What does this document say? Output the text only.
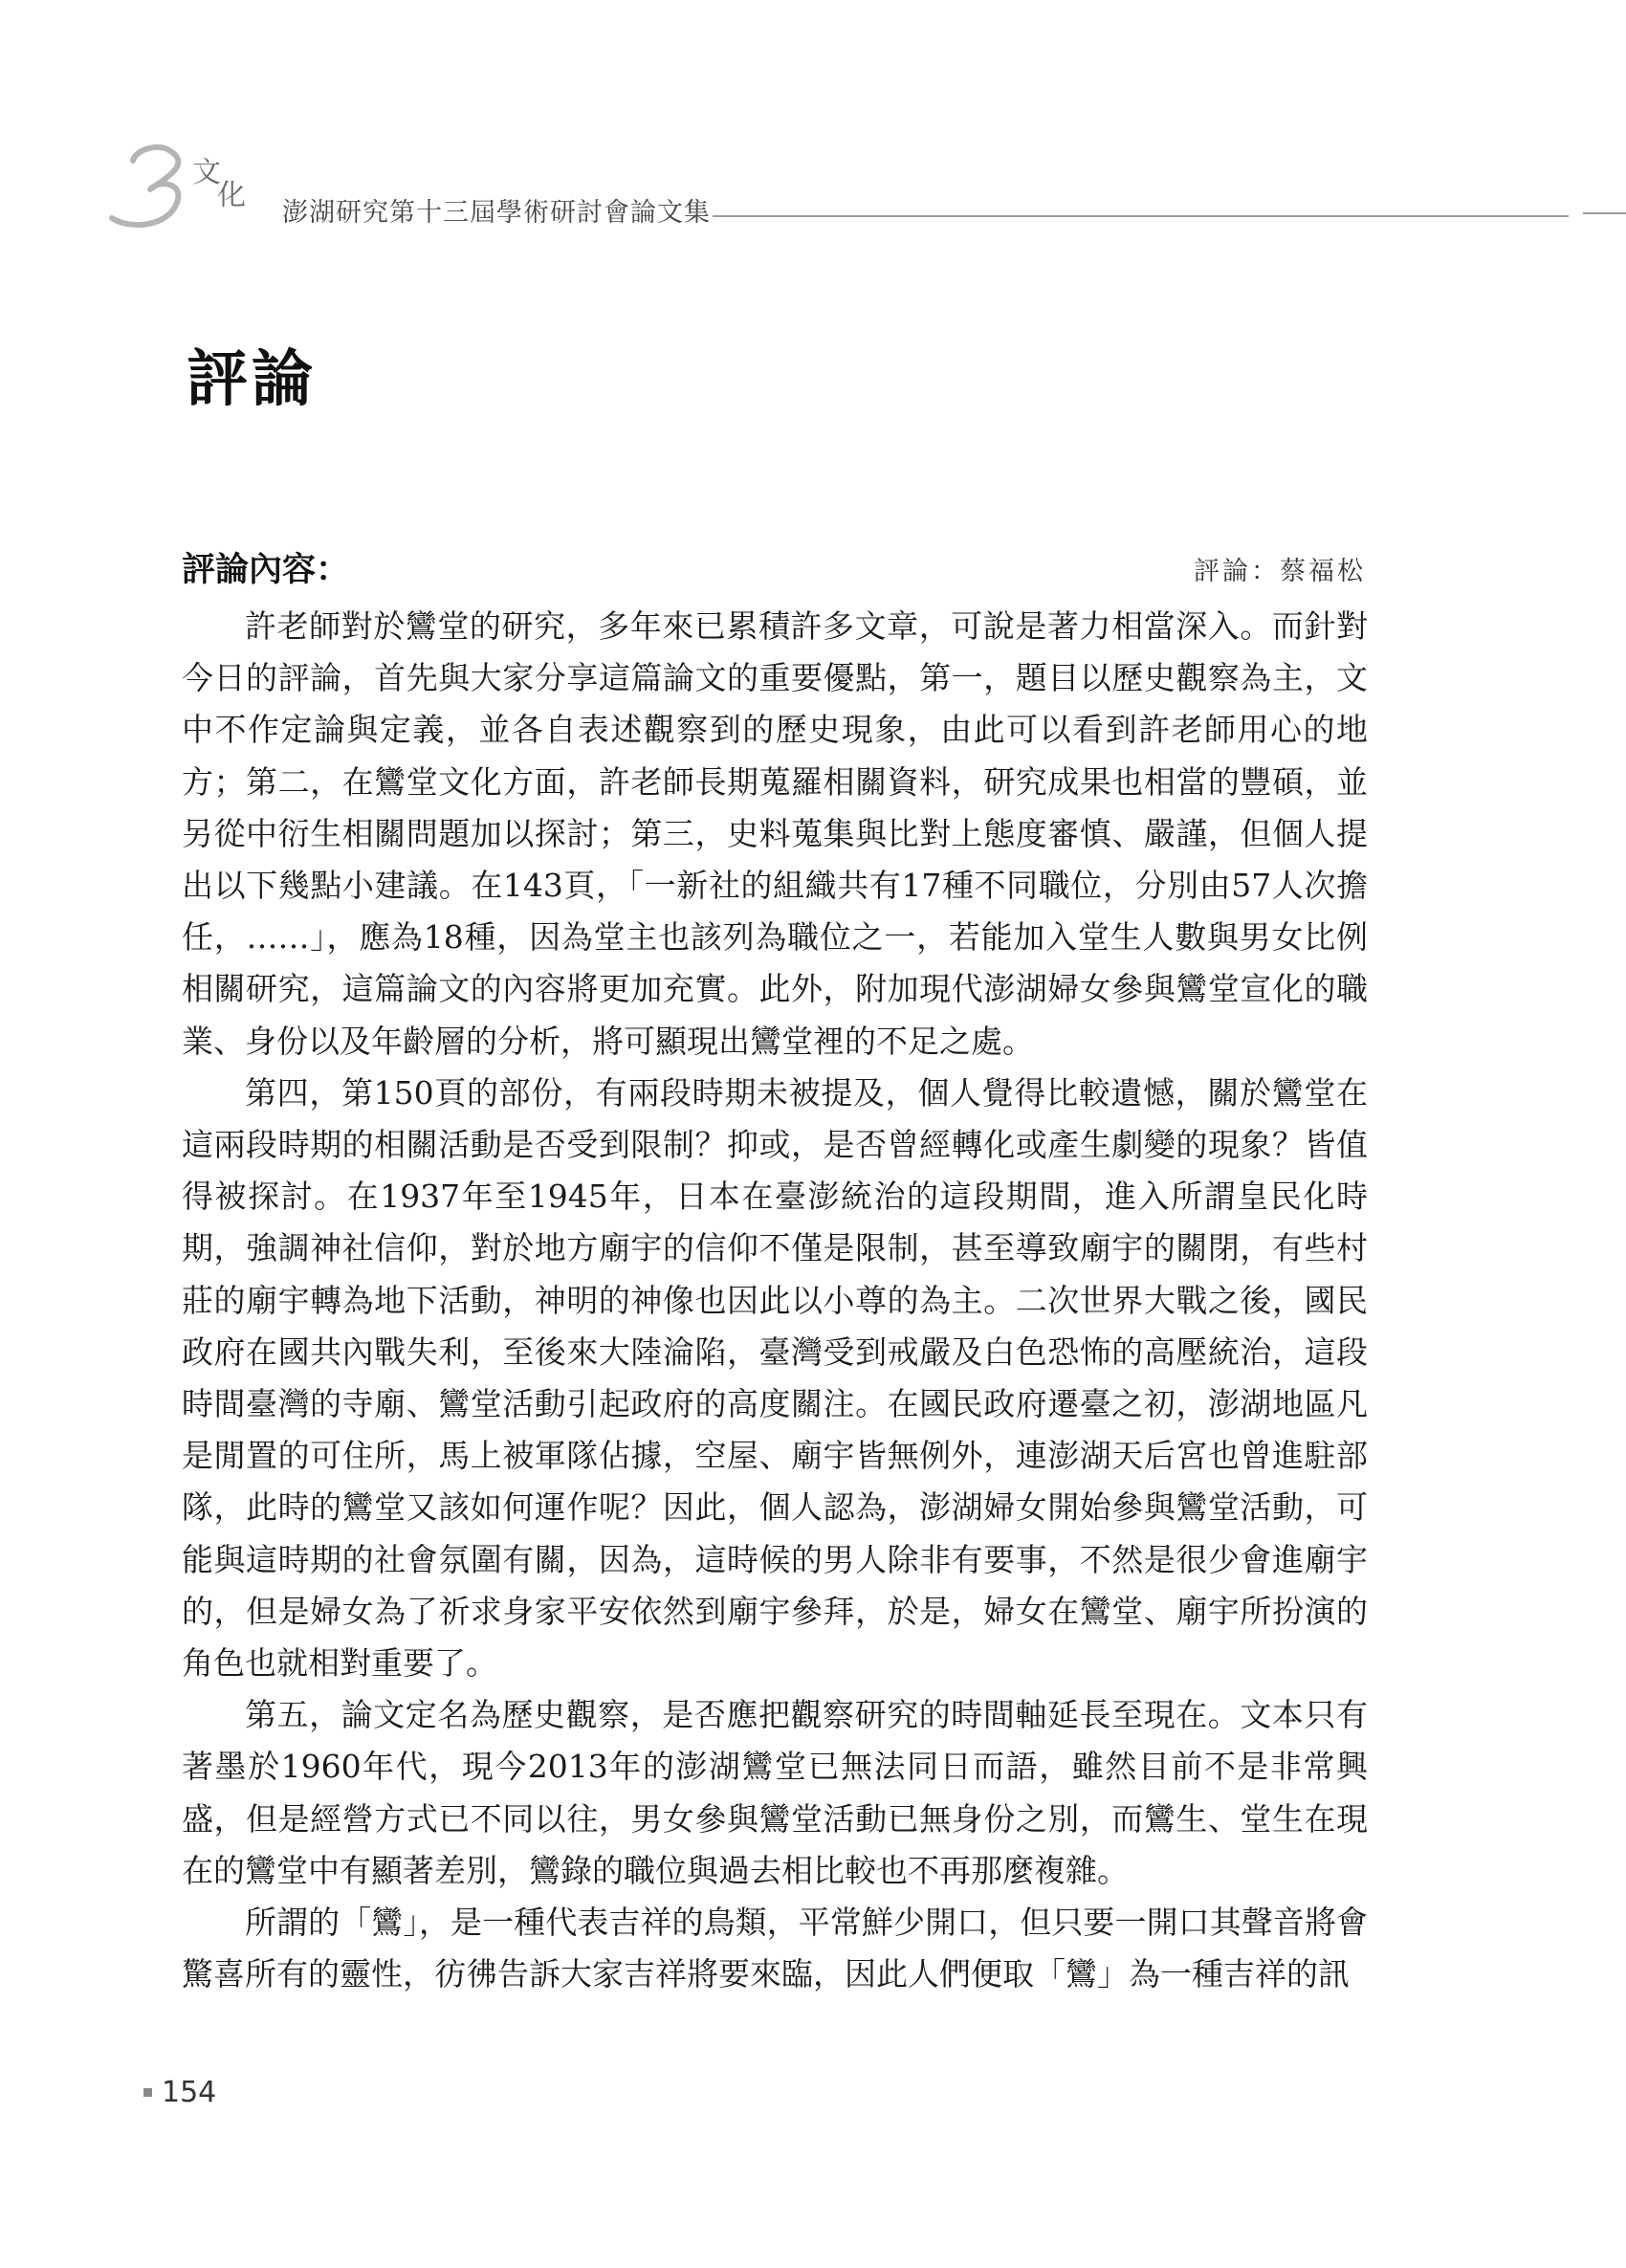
文
化
3
澎湖研究第十三屆學術研討會論文集
評論
評論內容：	評論：蔡福松

許老師對於鸞堂的研究，多年來已累積許多文章，可說是著力相當深入。而針對今日的評論，首先與大家分享這篇論文的重要優點，第一，題目以歷史觀察為主，文中不作定論與定義，並各自表述觀察到的歷史現象，由此可以看到許老師用心的地方；第二，在鸞堂文化方面，許老師長期蒐羅相關資料，研究成果也相當的豐碩，並另從中衍生相關問題加以探討；第三，史料蒐集與比對上態度審慎、嚴謹，但個人提出以下幾點小建議。在143頁，「一新社的組織共有17種不同職位，分別由57人次擔任，……」，應為18種，因為堂主也該列為職位之一，若能加入堂生人數與男女比例相關研究，這篇論文的內容將更加充實。此外，附加現代澎湖婦女參與鸞堂宣化的職業、身份以及年齡層的分析，將可顯現出鸞堂裡的不足之處。

第四，第150頁的部份，有兩段時期未被提及，個人覺得比較遺憾，關於鸞堂在這兩段時期的相關活動是否受到限制？抑或，是否曾經轉化或產生劇變的現象？皆值得被探討。在1937年至1945年，日本在臺澎統治的這段期間，進入所謂皇民化時期，強調神社信仰，對於地方廟宇的信仰不僅是限制，甚至導致廟宇的關閉，有些村莊的廟宇轉為地下活動，神明的神像也因此以小尊的為主。二次世界大戰之後，國民政府在國共內戰失利，至後來大陸淪陷，臺灣受到戒嚴及白色恐怖的高壓統治，這段時間臺灣的寺廟、鸞堂活動引起政府的高度關注。在國民政府遷臺之初，澎湖地區凡是閒置的可住所，馬上被軍隊佔據，空屋、廟宇皆無例外，連澎湖天后宮也曾進駐部隊，此時的鸞堂又該如何運作呢？因此，個人認為，澎湖婦女開始參與鸞堂活動，可能與這時期的社會氛圍有關，因為，這時候的男人除非有要事，不然是很少會進廟宇的，但是婦女為了祈求身家平安依然到廟宇參拜，於是，婦女在鸞堂、廟宇所扮演的角色也就相對重要了。

第五，論文定名為歷史觀察，是否應把觀察研究的時間軸延長至現在。文本只有著墨於1960年代，現今2013年的澎湖鸞堂已無法同日而語，雖然目前不是非常興盛，但是經營方式已不同以往，男女參與鸞堂活動已無身份之別，而鸞生、堂生在現在的鸞堂中有顯著差別，鸞錄的職位與過去相比較也不再那麼複雜。

所謂的「鸞」，是一種代表吉祥的鳥類，平常鮮少開口，但只要一開口其聲音將會驚喜所有的靈性，彷彿告訴大家吉祥將要來臨，因此人們便取「鸞」為一種吉祥的訊

154
